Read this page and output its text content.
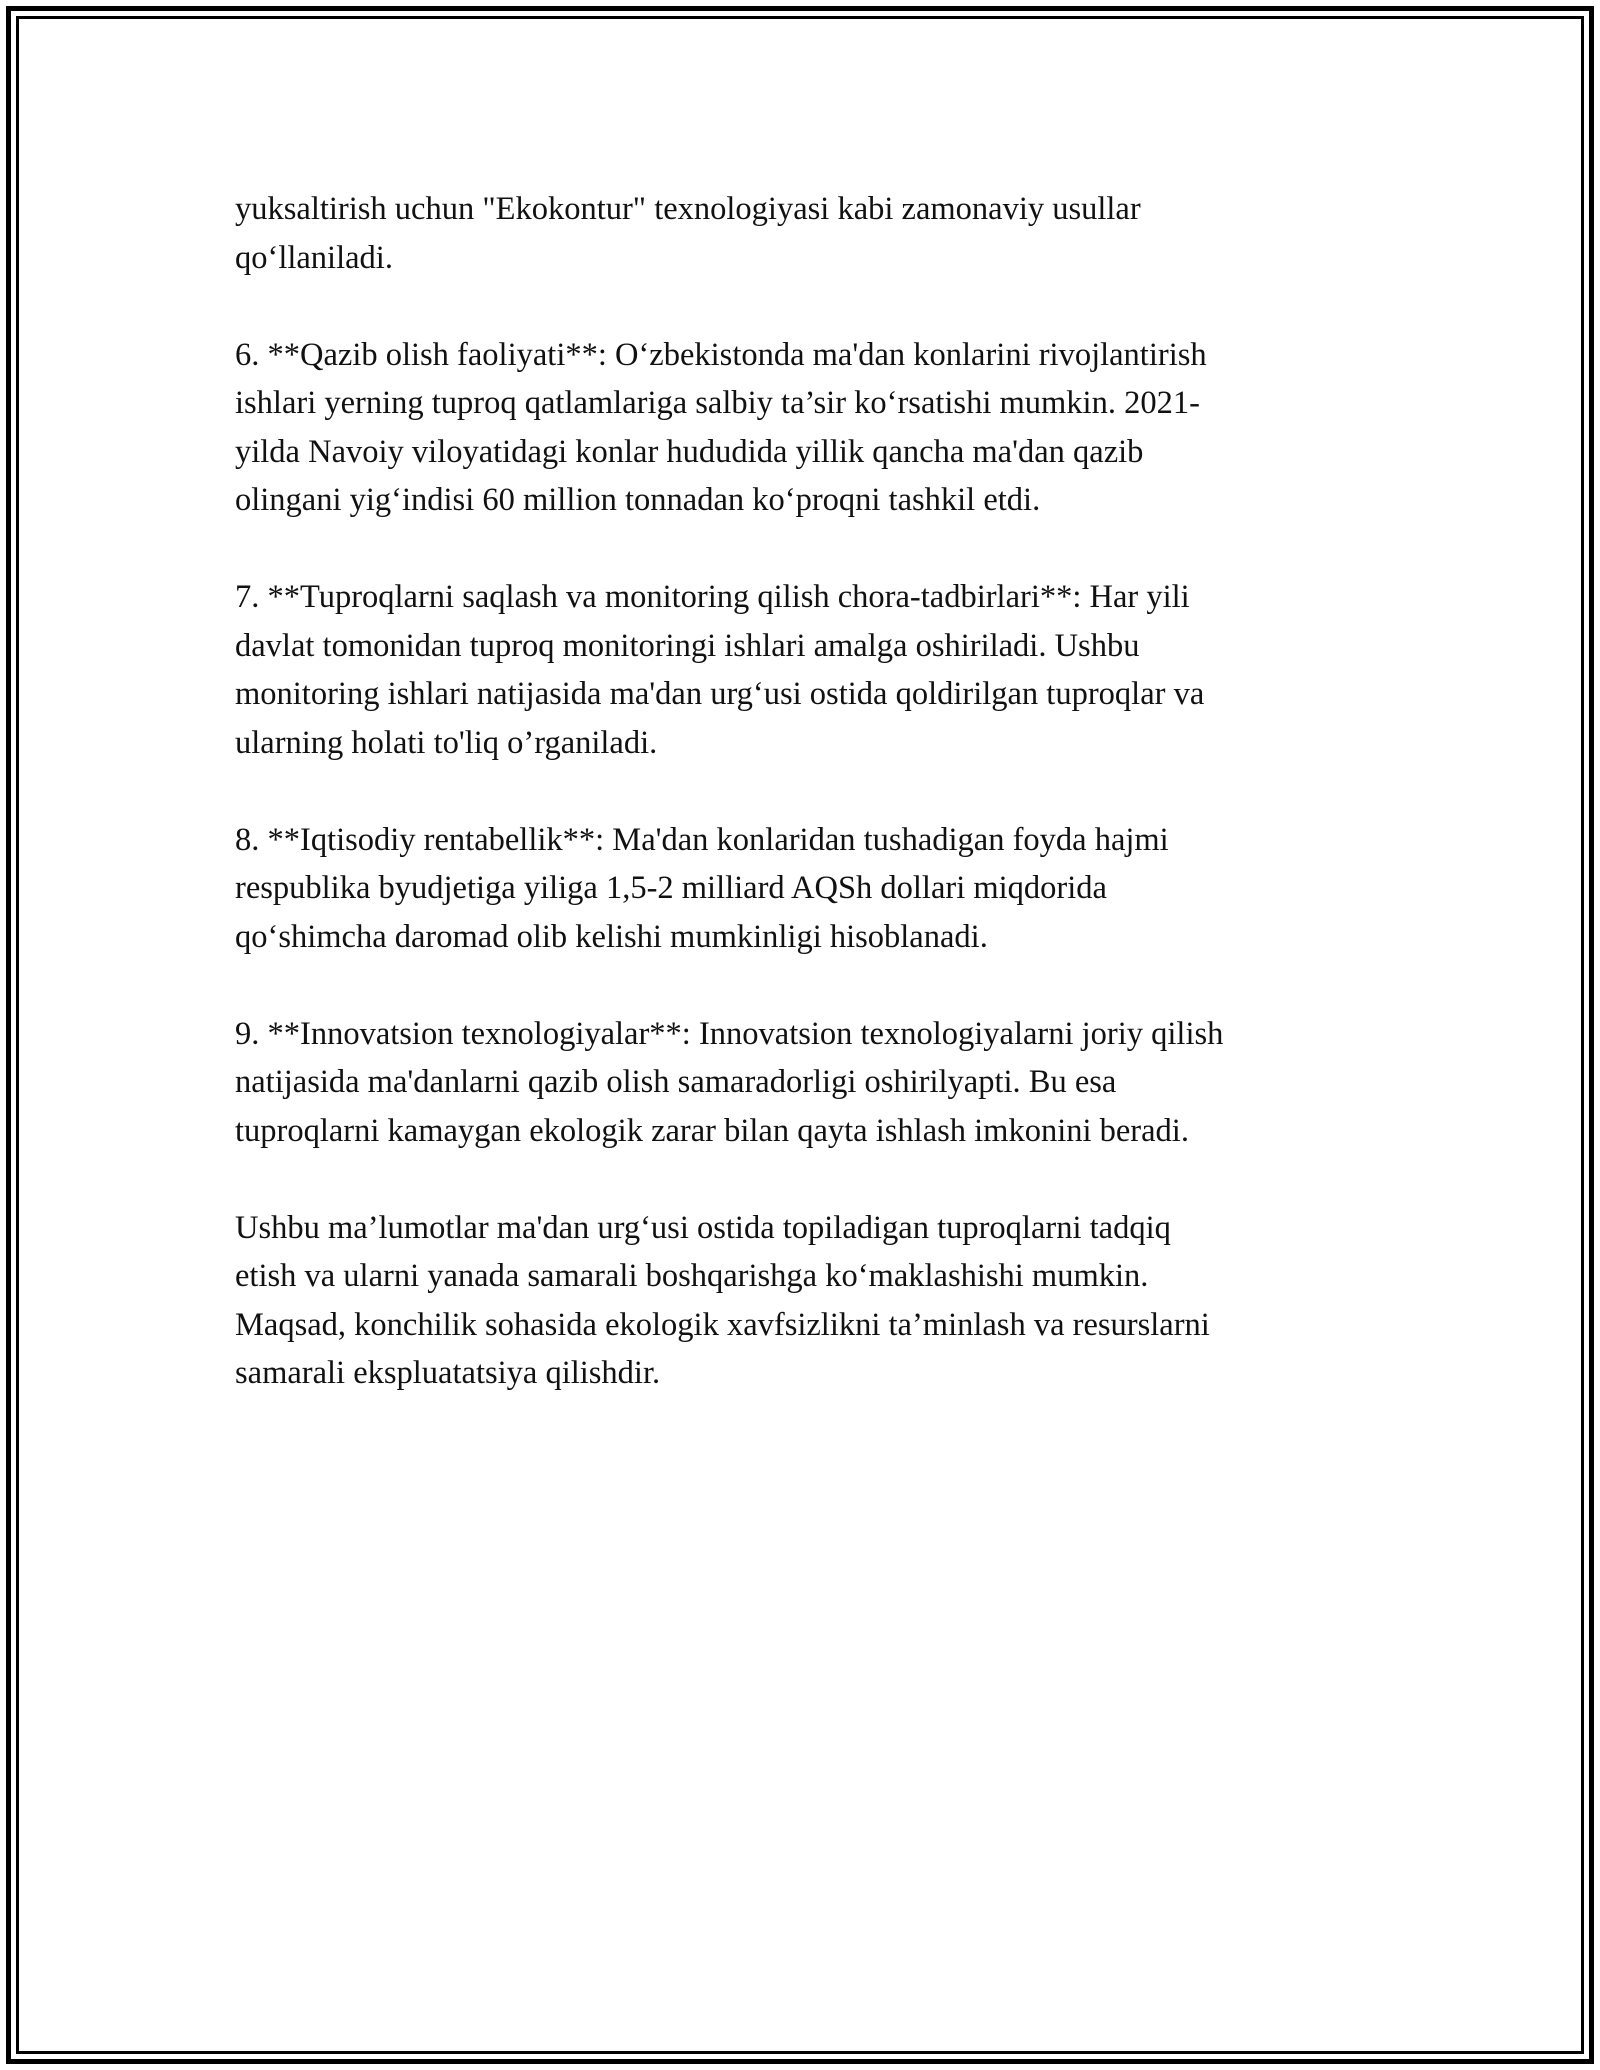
yuksaltirish uchun "Ekokontur" texnologiyasi kabi zamonaviy usullar
qo‘llaniladi.

6. **Qazib olish faoliyati**: O‘zbekistonda ma'dan konlarini rivojlantirish
ishlari yerning tuproq qatlamlariga salbiy ta’sir ko‘rsatishi mumkin. 2021-
yilda Navoiy viloyatidagi konlar hududida yillik qancha ma'dan qazib
olingani yig‘indisi 60 million tonnadan ko‘proqni tashkil etdi.

7. **Tuproqlarni saqlash va monitoring qilish chora-tadbirlari**: Har yili
davlat tomonidan tuproq monitoringi ishlari amalga oshiriladi. Ushbu
monitoring ishlari natijasida ma'dan urg‘usi ostida qoldirilgan tuproqlar va
ularning holati to'liq o’rganiladi.

8. **Iqtisodiy rentabellik**: Ma'dan konlaridan tushadigan foyda hajmi
respublika byudjetiga yiliga 1,5-2 milliard AQSh dollari miqdorida
qo‘shimcha daromad olib kelishi mumkinligi hisoblanadi.

9. **Innovatsion texnologiyalar**: Innovatsion texnologiyalarni joriy qilish
natijasida ma'danlarni qazib olish samaradorligi oshirilyapti. Bu esa
tuproqlarni kamaygan ekologik zarar bilan qayta ishlash imkonini beradi.

Ushbu ma’lumotlar ma'dan urg‘usi ostida topiladigan tuproqlarni tadqiq
etish va ularni yanada samarali boshqarishga ko‘maklashishi mumkin.
Maqsad, konchilik sohasida ekologik xavfsizlikni ta’minlash va resurslarni
samarali ekspluatatsiya qilishdir.
